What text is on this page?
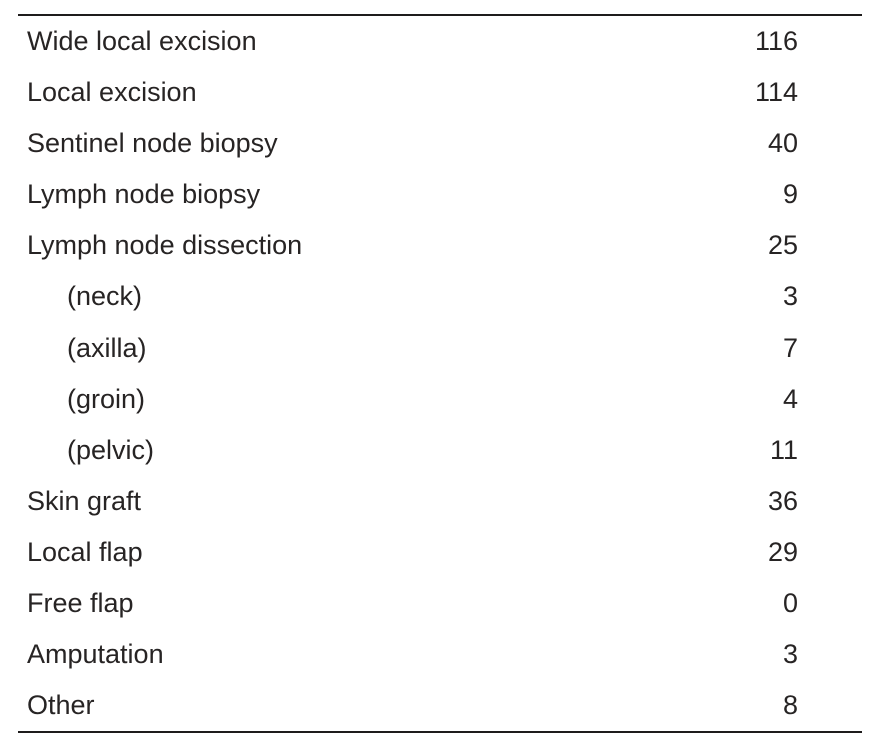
Wide local excision	116
Local excision	114
Sentinel node biopsy	40
Lymph node biopsy	9
Lymph node dissection	25
(neck)	3
(axilla)	7
(groin)	4
(pelvic)	11
Skin graft	36
Local flap	29
Free flap	0
Amputation	3
Other	8
